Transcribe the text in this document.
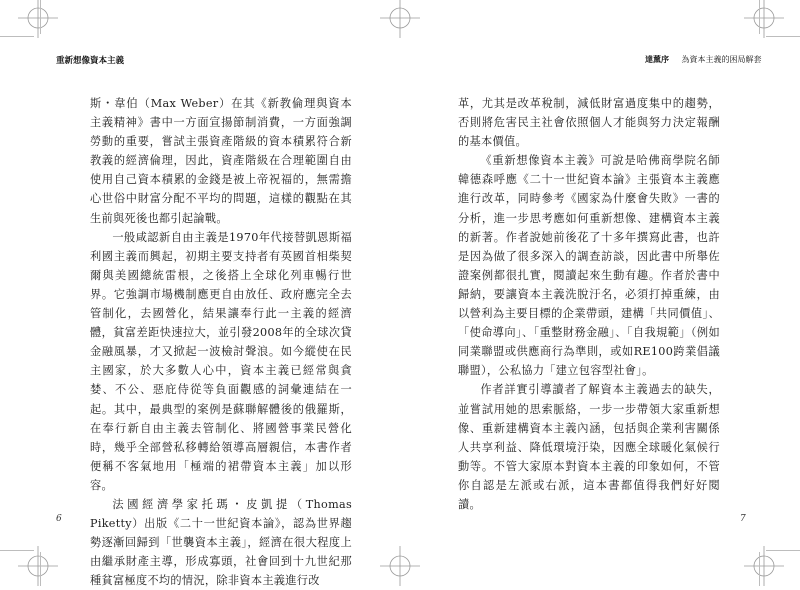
重新想像資本主義	達薰序 為資本主義的困局解套

斯・韋伯（Max Weber）在其《新教倫理與資本主義精神》書中一方面宣揚節制消費，一方面強調勞動的重要，嘗試主張資產階級的資本積累符合新教義的經濟倫理，因此，資產階級在合理範圍自由使用自己資本積累的金錢是被上帝祝福的，無需擔心世俗中財富分配不平均的問題，這樣的觀點在其生前與死後也都引起論戰。

一般咸認新自由主義是1970年代接替凱恩斯福利國主義而興起，初期主要支持者有英國首相柴契爾與美國總統雷根，之後搭上全球化列車暢行世界。它強調市場機制應更自由放任、政府應完全去管制化，去國營化，結果讓奉行此一主義的經濟體，貧富差距快速拉大，並引發2008年的全球次貸金融風暴，才又掀起一波檢討聲浪。如今縱使在民主國家，於大多數人心中，資本主義已經常與貪婪、不公、惡庇侍從等負面觀感的詞彙連結在一起。其中，最典型的案例是蘇聯解體後的俄羅斯，在奉行新自由主義去管制化、將國營事業民營化時，幾乎全部營私移轉給領導高層親信，本書作者便稱不客氣地用「極端的裙帶資本主義」加以形容。

法國經濟學家托瑪・皮凱提（Thomas Piketty）出版《二十一世紀資本論》，認為世界趨勢逐漸回歸到「世襲資本主義」，經濟在很大程度上由繼承財產主導，形成寡頭，社會回到十九世紀那種貧富極度不均的情況，除非資本主義進行改

革，尤其是改革稅制，減低財富過度集中的趨勢，否則將危害民主社會依照個人才能與努力決定報酬的基本價值。

《重新想像資本主義》可說是哈佛商學院名師韓德森呼應《二十一世紀資本論》主張資本主義應進行改革，同時參考《國家為什麼會失敗》一書的分析，進一步思考應如何重新想像、建構資本主義的新著。作者說她前後花了十多年撰寫此書，也許是因為做了很多深入的調查訪談，因此書中所舉佐證案例都很扎實，閱讀起來生動有趣。作者於書中歸納，要讓資本主義洗脫汙名，必須打掉重練，由以營利為主要目標的企業帶頭，建構「共同價值」、「使命導向」、「重整財務金融」、「自我規範」（例如同業聯盟或供應商行為準則，或如RE100跨業倡議聯盟），公私協力「建立包容型社會」。

作者詳實引導讀者了解資本主義過去的缺失，並嘗試用她的思索脈絡，一步一步帶領大家重新想像、重新建構資本主義內涵，包括與企業利害關係人共享利益、降低環境汙染，因應全球暖化氣候行動等。不管大家原本對資本主義的印象如何，不管你自認是左派或右派，這本書都值得我們好好閱讀。

6	7
